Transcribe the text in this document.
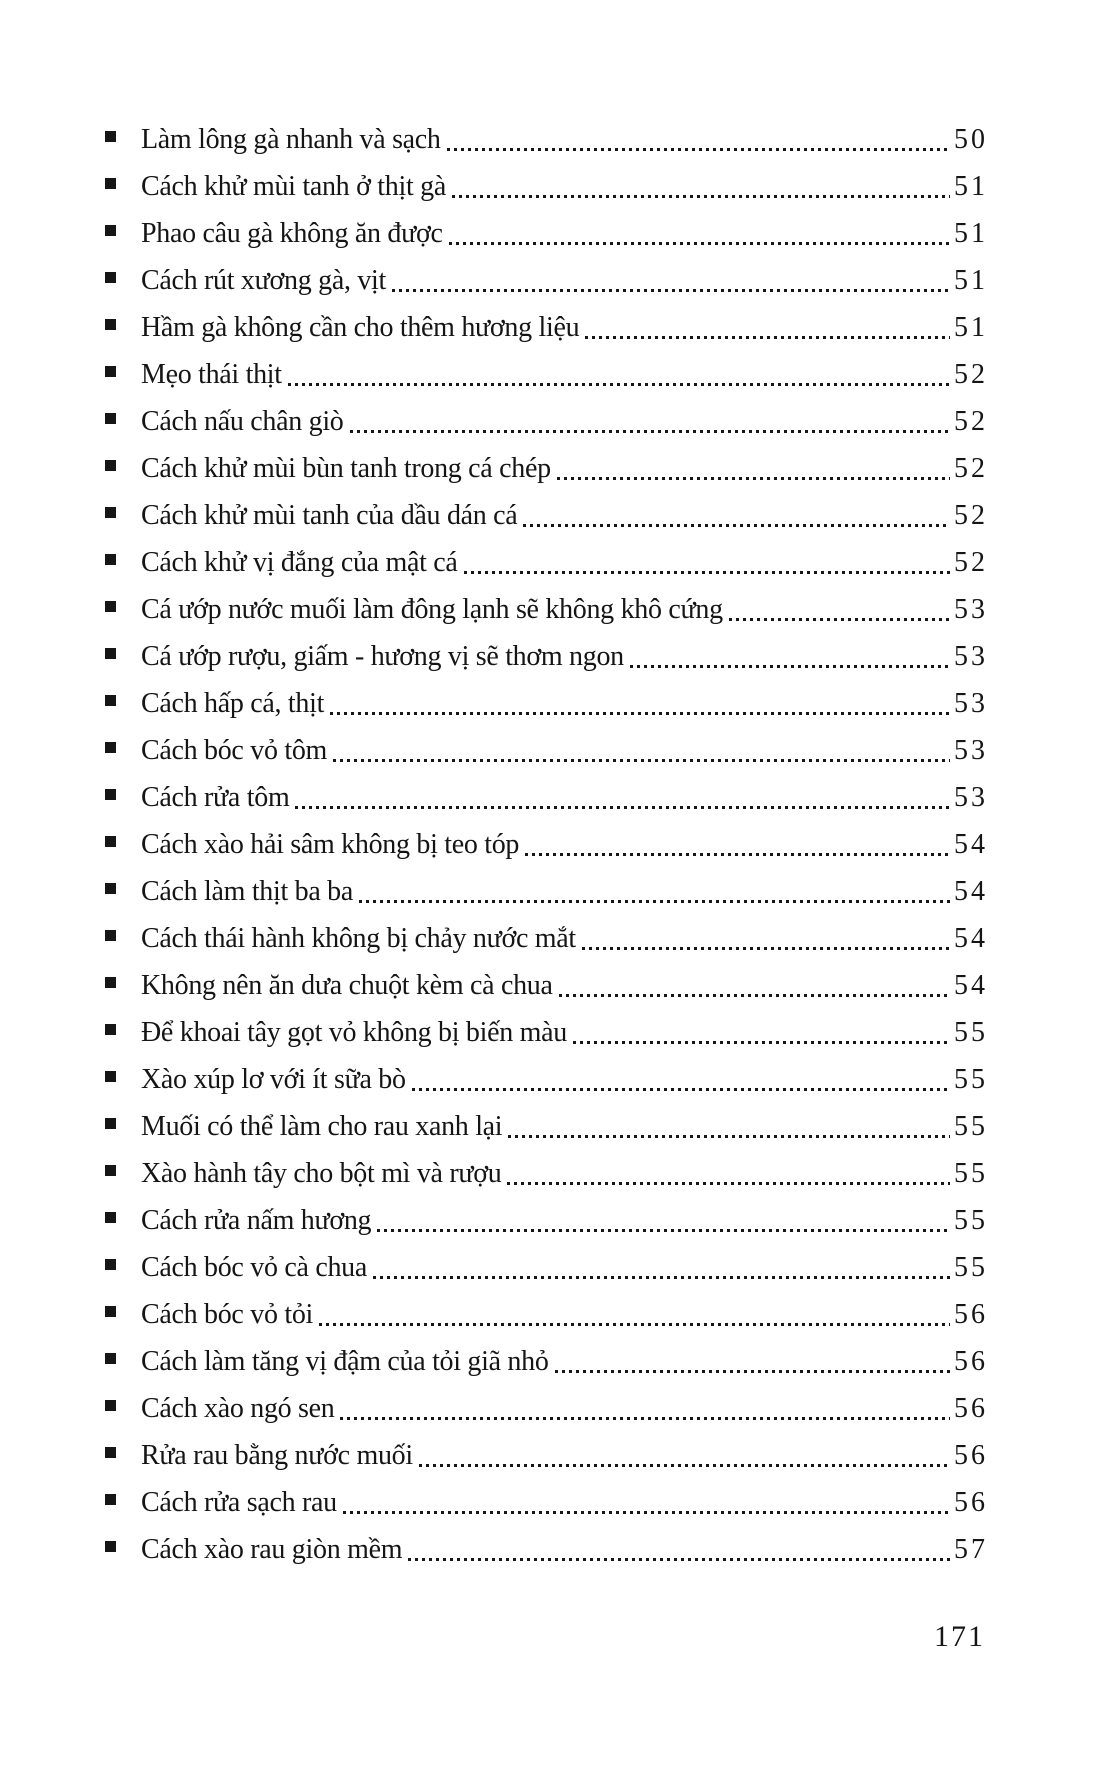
Làm lông gà nhanh và sạch	50
Cách khử mùi tanh ở thịt gà	51
Phao câu gà không ăn được	51
Cách rút xương gà, vịt	51
Hầm gà không cần cho thêm hương liệu	51
Mẹo thái thịt	52
Cách nấu chân giò	52
Cách khử mùi bùn tanh trong cá chép	52
Cách khử mùi tanh của dầu dán cá	52
Cách khử vị đắng của mật cá	52
Cá ướp nước muối làm đông lạnh sẽ không khô cứng	53
Cá ướp rượu, giấm - hương vị sẽ thơm ngon	53
Cách hấp cá, thịt	53
Cách bóc vỏ tôm	53
Cách rửa tôm	53
Cách xào hải sâm không bị teo tóp	54
Cách làm thịt ba ba	54
Cách thái hành không bị chảy nước mắt	54
Không nên ăn dưa chuột kèm cà chua	54
Để khoai tây gọt vỏ không bị biến màu	55
Xào xúp lơ với ít sữa bò	55
Muối có thể làm cho rau xanh lại	55
Xào hành tây cho bột mì và rượu	55
Cách rửa nấm hương	55
Cách bóc vỏ cà chua	55
Cách bóc vỏ tỏi	56
Cách làm tăng vị đậm của tỏi giã nhỏ	56
Cách xào ngó sen	56
Rửa rau bằng nước muối	56
Cách rửa sạch rau	56
Cách xào rau giòn mềm	57
171
